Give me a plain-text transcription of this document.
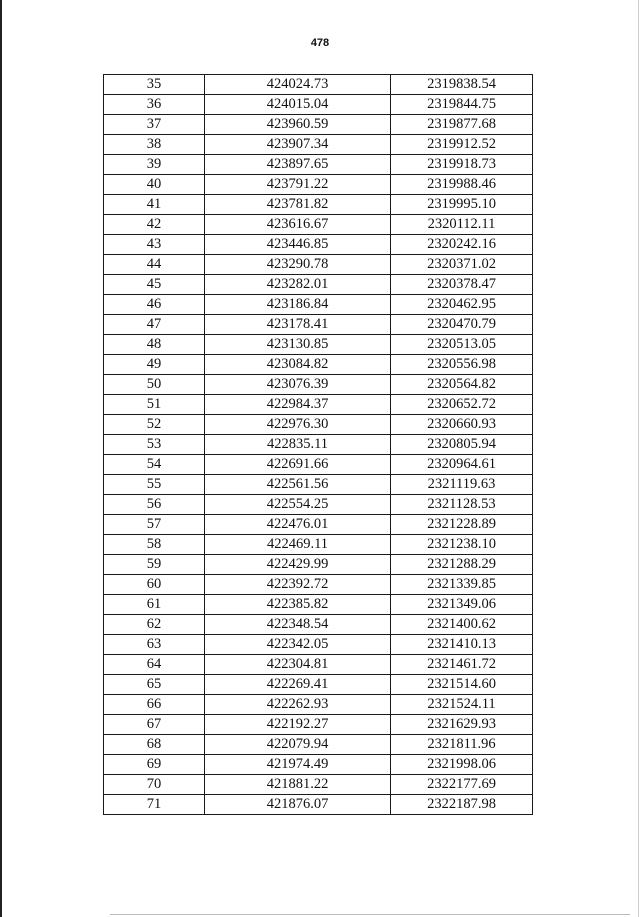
478
35	424024.73	2319838.54
36	424015.04	2319844.75
37	423960.59	2319877.68
38	423907.34	2319912.52
39	423897.65	2319918.73
40	423791.22	2319988.46
41	423781.82	2319995.10
42	423616.67	2320112.11
43	423446.85	2320242.16
44	423290.78	2320371.02
45	423282.01	2320378.47
46	423186.84	2320462.95
47	423178.41	2320470.79
48	423130.85	2320513.05
49	423084.82	2320556.98
50	423076.39	2320564.82
51	422984.37	2320652.72
52	422976.30	2320660.93
53	422835.11	2320805.94
54	422691.66	2320964.61
55	422561.56	2321119.63
56	422554.25	2321128.53
57	422476.01	2321228.89
58	422469.11	2321238.10
59	422429.99	2321288.29
60	422392.72	2321339.85
61	422385.82	2321349.06
62	422348.54	2321400.62
63	422342.05	2321410.13
64	422304.81	2321461.72
65	422269.41	2321514.60
66	422262.93	2321524.11
67	422192.27	2321629.93
68	422079.94	2321811.96
69	421974.49	2321998.06
70	421881.22	2322177.69
71	421876.07	2322187.98
